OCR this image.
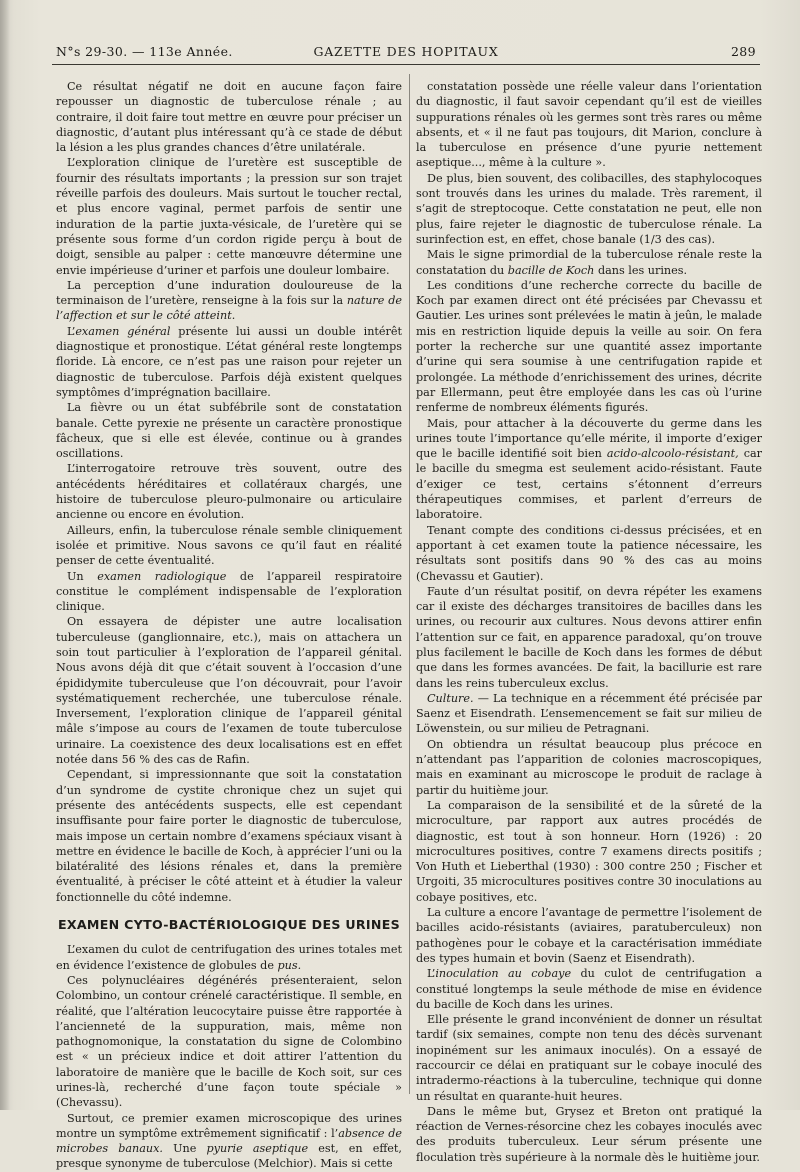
N°s 29-30. — 113e Année.	GAZETTE DES HOPITAUX	289

Ce résultat négatif ne doit en aucune façon faire repousser un diagnostic de tuberculose rénale ; au contraire, il doit faire tout mettre en œuvre pour préciser un diagnostic, d’autant plus intéressant qu’à ce stade de début la lésion a les plus grandes chances d’être unilatérale.

L’exploration clinique de l’uretère est susceptible de fournir des résultats importants ; la pression sur son trajet réveille parfois des douleurs. Mais surtout le toucher rectal, et plus encore vaginal, permet parfois de sentir une induration de la partie juxta-vésicale, de l’uretère qui se présente sous forme d’un cordon rigide perçu à bout de doigt, sensible au palper : cette manœuvre détermine une envie impérieuse d’uriner et parfois une douleur lombaire.

La perception d’une induration douloureuse de la terminaison de l’uretère, renseigne à la fois sur la nature de l’affection et sur le côté atteint.

L’examen général présente lui aussi un double intérêt diagnostique et pronostique. L’état général reste longtemps floride. Là encore, ce n’est pas une raison pour rejeter un diagnostic de tuberculose. Parfois déjà existent quelques symptômes d’imprégnation bacillaire.

La fièvre ou un état subfébrile sont de constatation banale. Cette pyrexie ne présente un caractère pronostique fâcheux, que si elle est élevée, continue ou à grandes oscillations.

L’interrogatoire retrouve très souvent, outre des antécédents héréditaires et collatéraux chargés, une histoire de tuberculose pleuro-pulmonaire ou articulaire ancienne ou encore en évolution.

Ailleurs, enfin, la tuberculose rénale semble cliniquement isolée et primitive. Nous savons ce qu’il faut en réalité penser de cette éventualité.

Un examen radiologique de l’appareil respiratoire constitue le complément indispensable de l’exploration clinique.

On essayera de dépister une autre localisation tuberculeuse (ganglionnaire, etc.), mais on attachera un soin tout particulier à l’exploration de l’appareil génital. Nous avons déjà dit que c’était souvent à l’occasion d’une épididymite tuberculeuse que l’on découvrait, pour l’avoir systématiquement recherchée, une tuberculose rénale. Inversement, l’exploration clinique de l’appareil génital mâle s’impose au cours de l’examen de toute tuberculose urinaire. La coexistence des deux localisations est en effet notée dans 56 % des cas de Rafin.

Cependant, si impressionnante que soit la constatation d’un syndrome de cystite chronique chez un sujet qui présente des antécédents suspects, elle est cependant insuffisante pour faire porter le diagnostic de tuberculose, mais impose un certain nombre d’examens spéciaux visant à mettre en évidence le bacille de Koch, à apprécier l’uni ou la bilatéralité des lésions rénales et, dans la première éventualité, à préciser le côté atteint et à étudier la valeur fonctionnelle du côté indemne.

EXAMEN CYTO-BACTÉRIOLOGIQUE DES URINES

L’examen du culot de centrifugation des urines totales met en évidence l’existence de globules de pus.

Ces polynucléaires dégénérés présenteraient, selon Colombino, un contour crénelé caractéristique. Il semble, en réalité, que l’altération leucocytaire puisse être rapportée à l’ancienneté de la suppuration, mais, même non pathognomonique, la constatation du signe de Colombino est « un précieux indice et doit attirer l’attention du laboratoire de manière que le bacille de Koch soit, sur ces urines-là, recherché d’une façon toute spéciale » (Chevassu).

Surtout, ce premier examen microscopique des urines montre un symptôme extrêmement significatif : l’absence de microbes banaux. Une pyurie aseptique est, en effet, presque synonyme de tuberculose (Melchior). Mais si cette

constatation possède une réelle valeur dans l’orientation du diagnostic, il faut savoir cependant qu’il est de vieilles suppurations rénales où les germes sont très rares ou même absents, et « il ne faut pas toujours, dit Marion, conclure à la tuberculose en présence d’une pyurie nettement aseptique..., même à la culture ».

De plus, bien souvent, des colibacilles, des staphylocoques sont trouvés dans les urines du malade. Très rarement, il s’agit de streptocoque. Cette constatation ne peut, elle non plus, faire rejeter le diagnostic de tuberculose rénale. La surinfection est, en effet, chose banale (1/3 des cas).

Mais le signe primordial de la tuberculose rénale reste la constatation du bacille de Koch dans les urines.

Les conditions d’une recherche correcte du bacille de Koch par examen direct ont été précisées par Chevassu et Gautier. Les urines sont prélevées le matin à jeûn, le malade mis en restriction liquide depuis la veille au soir. On fera porter la recherche sur une quantité assez importante d’urine qui sera soumise à une centrifugation rapide et prolongée. La méthode d’enrichissement des urines, décrite par Ellermann, peut être employée dans les cas où l’urine renferme de nombreux éléments figurés.

Mais, pour attacher à la découverte du germe dans les urines toute l’importance qu’elle mérite, il importe d’exiger que le bacille identifié soit bien acido-alcoolo-résistant, car le bacille du smegma est seulement acido-résistant. Faute d’exiger ce test, certains s’étonnent d’erreurs thérapeutiques commises, et parlent d’erreurs de laboratoire.

Tenant compte des conditions ci-dessus précisées, et en apportant à cet examen toute la patience nécessaire, les résultats sont positifs dans 90 % des cas au moins (Chevassu et Gautier).

Faute d’un résultat positif, on devra répéter les examens car il existe des décharges transitoires de bacilles dans les urines, ou recourir aux cultures. Nous devons attirer enfin l’attention sur ce fait, en apparence paradoxal, qu’on trouve plus facilement le bacille de Koch dans les formes de début que dans les formes avancées. De fait, la bacillurie est rare dans les reins tuberculeux exclus.

Culture. — La technique en a récemment été précisée par Saenz et Eisendrath. L’ensemencement se fait sur milieu de Löwenstein, ou sur milieu de Petragnani.

On obtiendra un résultat beaucoup plus précoce en n’attendant pas l’apparition de colonies macroscopiques, mais en examinant au microscope le produit de raclage à partir du huitième jour.

La comparaison de la sensibilité et de la sûreté de la microculture, par rapport aux autres procédés de diagnostic, est tout à son honneur. Horn (1926) : 20 microcultures positives, contre 7 examens directs positifs ; Von Huth et Lieberthal (1930) : 300 contre 250 ; Fischer et Urgoiti, 35 microcultures positives contre 30 inoculations au cobaye positives, etc.

La culture a encore l’avantage de permettre l’isolement de bacilles acido-résistants (aviaires, paratuberculeux) non pathogènes pour le cobaye et la caractérisation immédiate des types humain et bovin (Saenz et Eisendrath).

L’inoculation au cobaye du culot de centrifugation a constitué longtemps la seule méthode de mise en évidence du bacille de Koch dans les urines.

Elle présente le grand inconvénient de donner un résultat tardif (six semaines, compte non tenu des décès survenant inopinément sur les animaux inoculés). On a essayé de raccourcir ce délai en pratiquant sur le cobaye inoculé des intradermo-réactions à la tuberculine, technique qui donne un résultat en quarante-huit heures.

Dans le même but, Grysez et Breton ont pratiqué la réaction de Vernes-résorcine chez les cobayes inoculés avec des produits tuberculeux. Leur sérum présente une floculation très supérieure à la normale dès le huitième jour.
